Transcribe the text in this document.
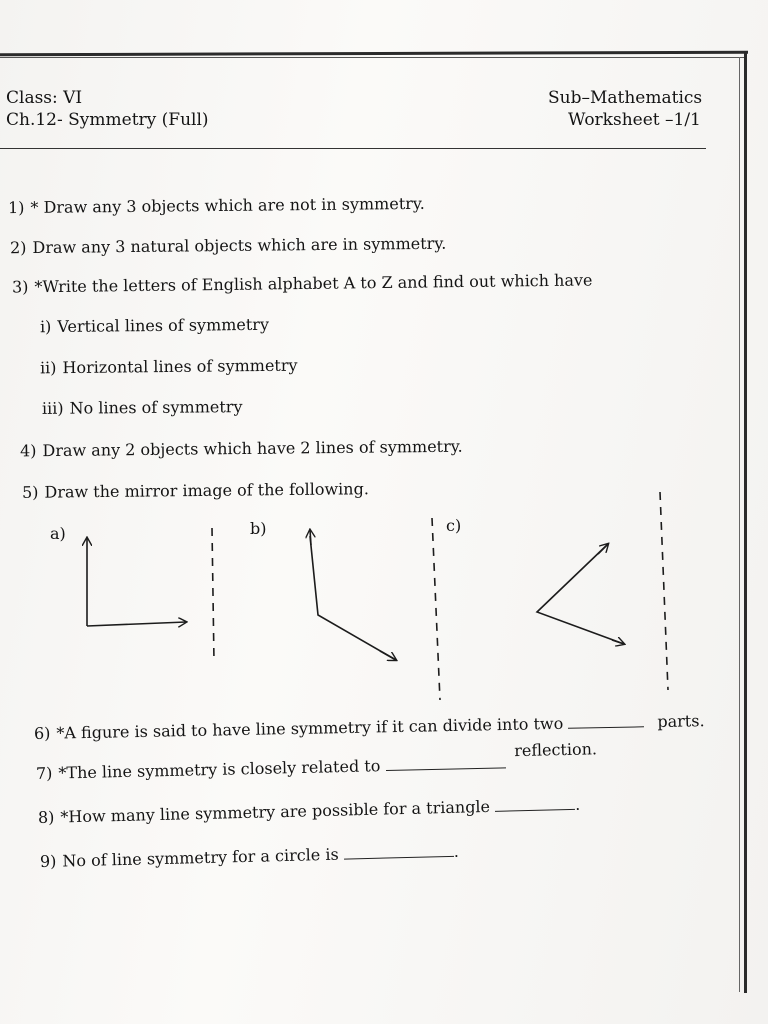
Class: VI
Ch.12- Symmetry (Full)
Sub–Mathematics
Worksheet –1/1
1) * Draw any 3 objects which are not in symmetry.
2) Draw any 3 natural objects which are in symmetry.
3) *Write the letters of English alphabet A to Z and find out which have
i) Vertical lines of symmetry
ii) Horizontal lines of symmetry
iii) No lines of symmetry
4) Draw any 2 objects which have 2 lines of symmetry.
5) Draw the mirror image of the following.
a)	b)	c)
6) *A figure is said to have line symmetry if it can divide into two	parts.
7) *The line symmetry is closely related to  reflection.
8) *How many line symmetry are possible for a triangle	.
9) No of line symmetry for a circle is	.
